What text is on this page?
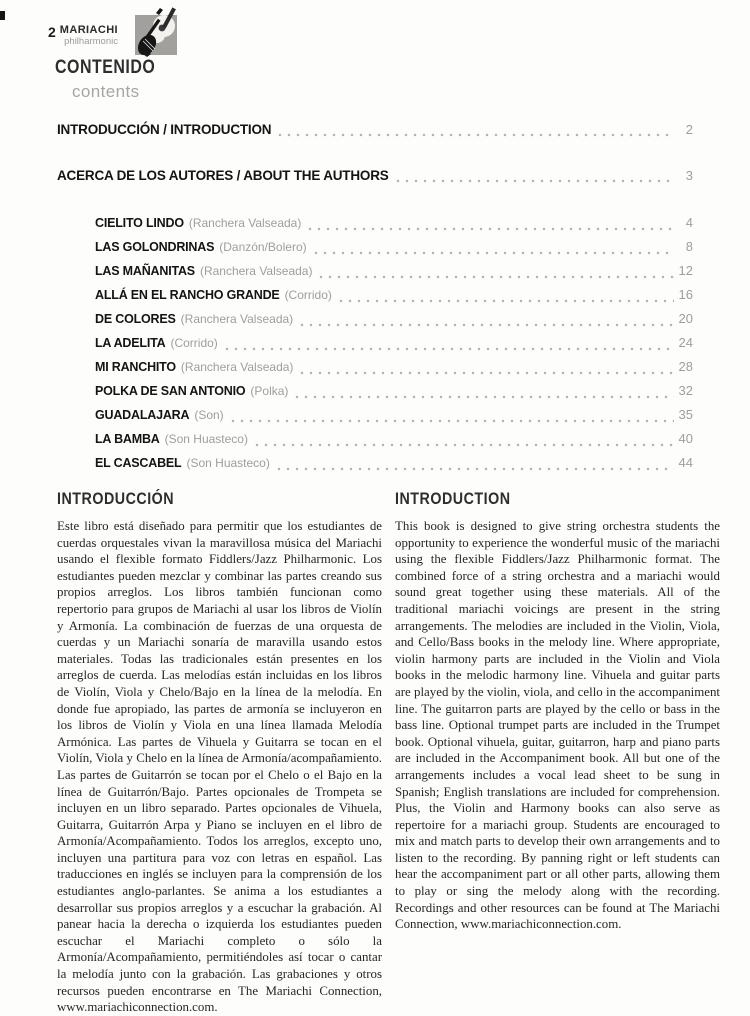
2 MARIACHI
philharmonic
CONTENIDO
contents
INTRODUCCIÓN / INTRODUCTION	2
ACERCA DE LOS AUTORES / ABOUT THE AUTHORS	3
CIELITO LINDO (Ranchera Valseada)	4
LAS GOLONDRINAS (Danzón/Bolero)	8
LAS MAÑANITAS (Ranchera Valseada)	12
ALLÁ EN EL RANCHO GRANDE (Corrido)	16
DE COLORES (Ranchera Valseada)	20
LA ADELITA (Corrido)	24
MI RANCHITO (Ranchera Valseada)	28
POLKA DE SAN ANTONIO (Polka)	32
GUADALAJARA (Son)	35
LA BAMBA (Son Huasteco)	40
EL CASCABEL (Son Huasteco)	44
INTRODUCCIÓN
Este libro está diseñado para permitir que los estudiantes de cuerdas orquestales vivan la maravillosa música del Mariachi usando el flexible formato Fiddlers/Jazz Philharmonic. Los estudiantes pueden mezclar y combinar las partes creando sus propios arreglos. Los libros también funcionan como repertorio para grupos de Mariachi al usar los libros de Violín y Armonía. La combinación de fuerzas de una orquesta de cuerdas y un Mariachi sonaría de maravilla usando estos materiales. Todas las tradicionales están presentes en los arreglos de cuerda. Las melodías están incluidas en los libros de Violín, Viola y Chelo/Bajo en la línea de la melodía. En donde fue apropiado, las partes de armonía se incluyeron en los libros de Violín y Viola en una línea llamada Melodía Armónica. Las partes de Vihuela y Guitarra se tocan en el Violín, Viola y Chelo en la línea de Armonía/acompañamiento. Las partes de Guitarrón se tocan por el Chelo o el Bajo en la línea de Guitarrón/Bajo. Partes opcionales de Trompeta se incluyen en un libro separado. Partes opcionales de Vihuela, Guitarra, Guitarrón Arpa y Piano se incluyen en el libro de Armonía/Acompañamiento. Todos los arreglos, excepto uno, incluyen una partitura para voz con letras en español. Las traducciones en inglés se incluyen para la comprensión de los estudiantes anglo-parlantes. Se anima a los estudiantes a desarrollar sus propios arreglos y a escuchar la grabación. Al panear hacia la derecha o izquierda los estudiantes pueden escuchar el Mariachi completo o sólo la Armonía/Acompañamiento, permitiéndoles así tocar o cantar la melodía junto con la grabación. Las grabaciones y otros recursos pueden encontrarse en The Mariachi Connection, www.mariachiconnection.com.
INTRODUCTION
This book is designed to give string orchestra students the opportunity to experience the wonderful music of the mariachi using the flexible Fiddlers/Jazz Philharmonic format. The combined force of a string orchestra and a mariachi would sound great together using these materials. All of the traditional mariachi voicings are present in the string arrangements. The melodies are included in the Violin, Viola, and Cello/Bass books in the melody line. Where appropriate, violin harmony parts are included in the Violin and Viola books in the melodic harmony line. Vihuela and guitar parts are played by the violin, viola, and cello in the accompaniment line. The guitarron parts are played by the cello or bass in the bass line. Optional trumpet parts are included in the Trumpet book. Optional vihuela, guitar, guitarron, harp and piano parts are included in the Accompaniment book. All but one of the arrangements includes a vocal lead sheet to be sung in Spanish; English translations are included for comprehension. Plus, the Violin and Harmony books can also serve as repertoire for a mariachi group. Students are encouraged to mix and match parts to develop their own arrangements and to listen to the recording. By panning right or left students can hear the accompaniment part or all other parts, allowing them to play or sing the melody along with the recording. Recordings and other resources can be found at The Mariachi Connection, www.mariachiconnection.com.
